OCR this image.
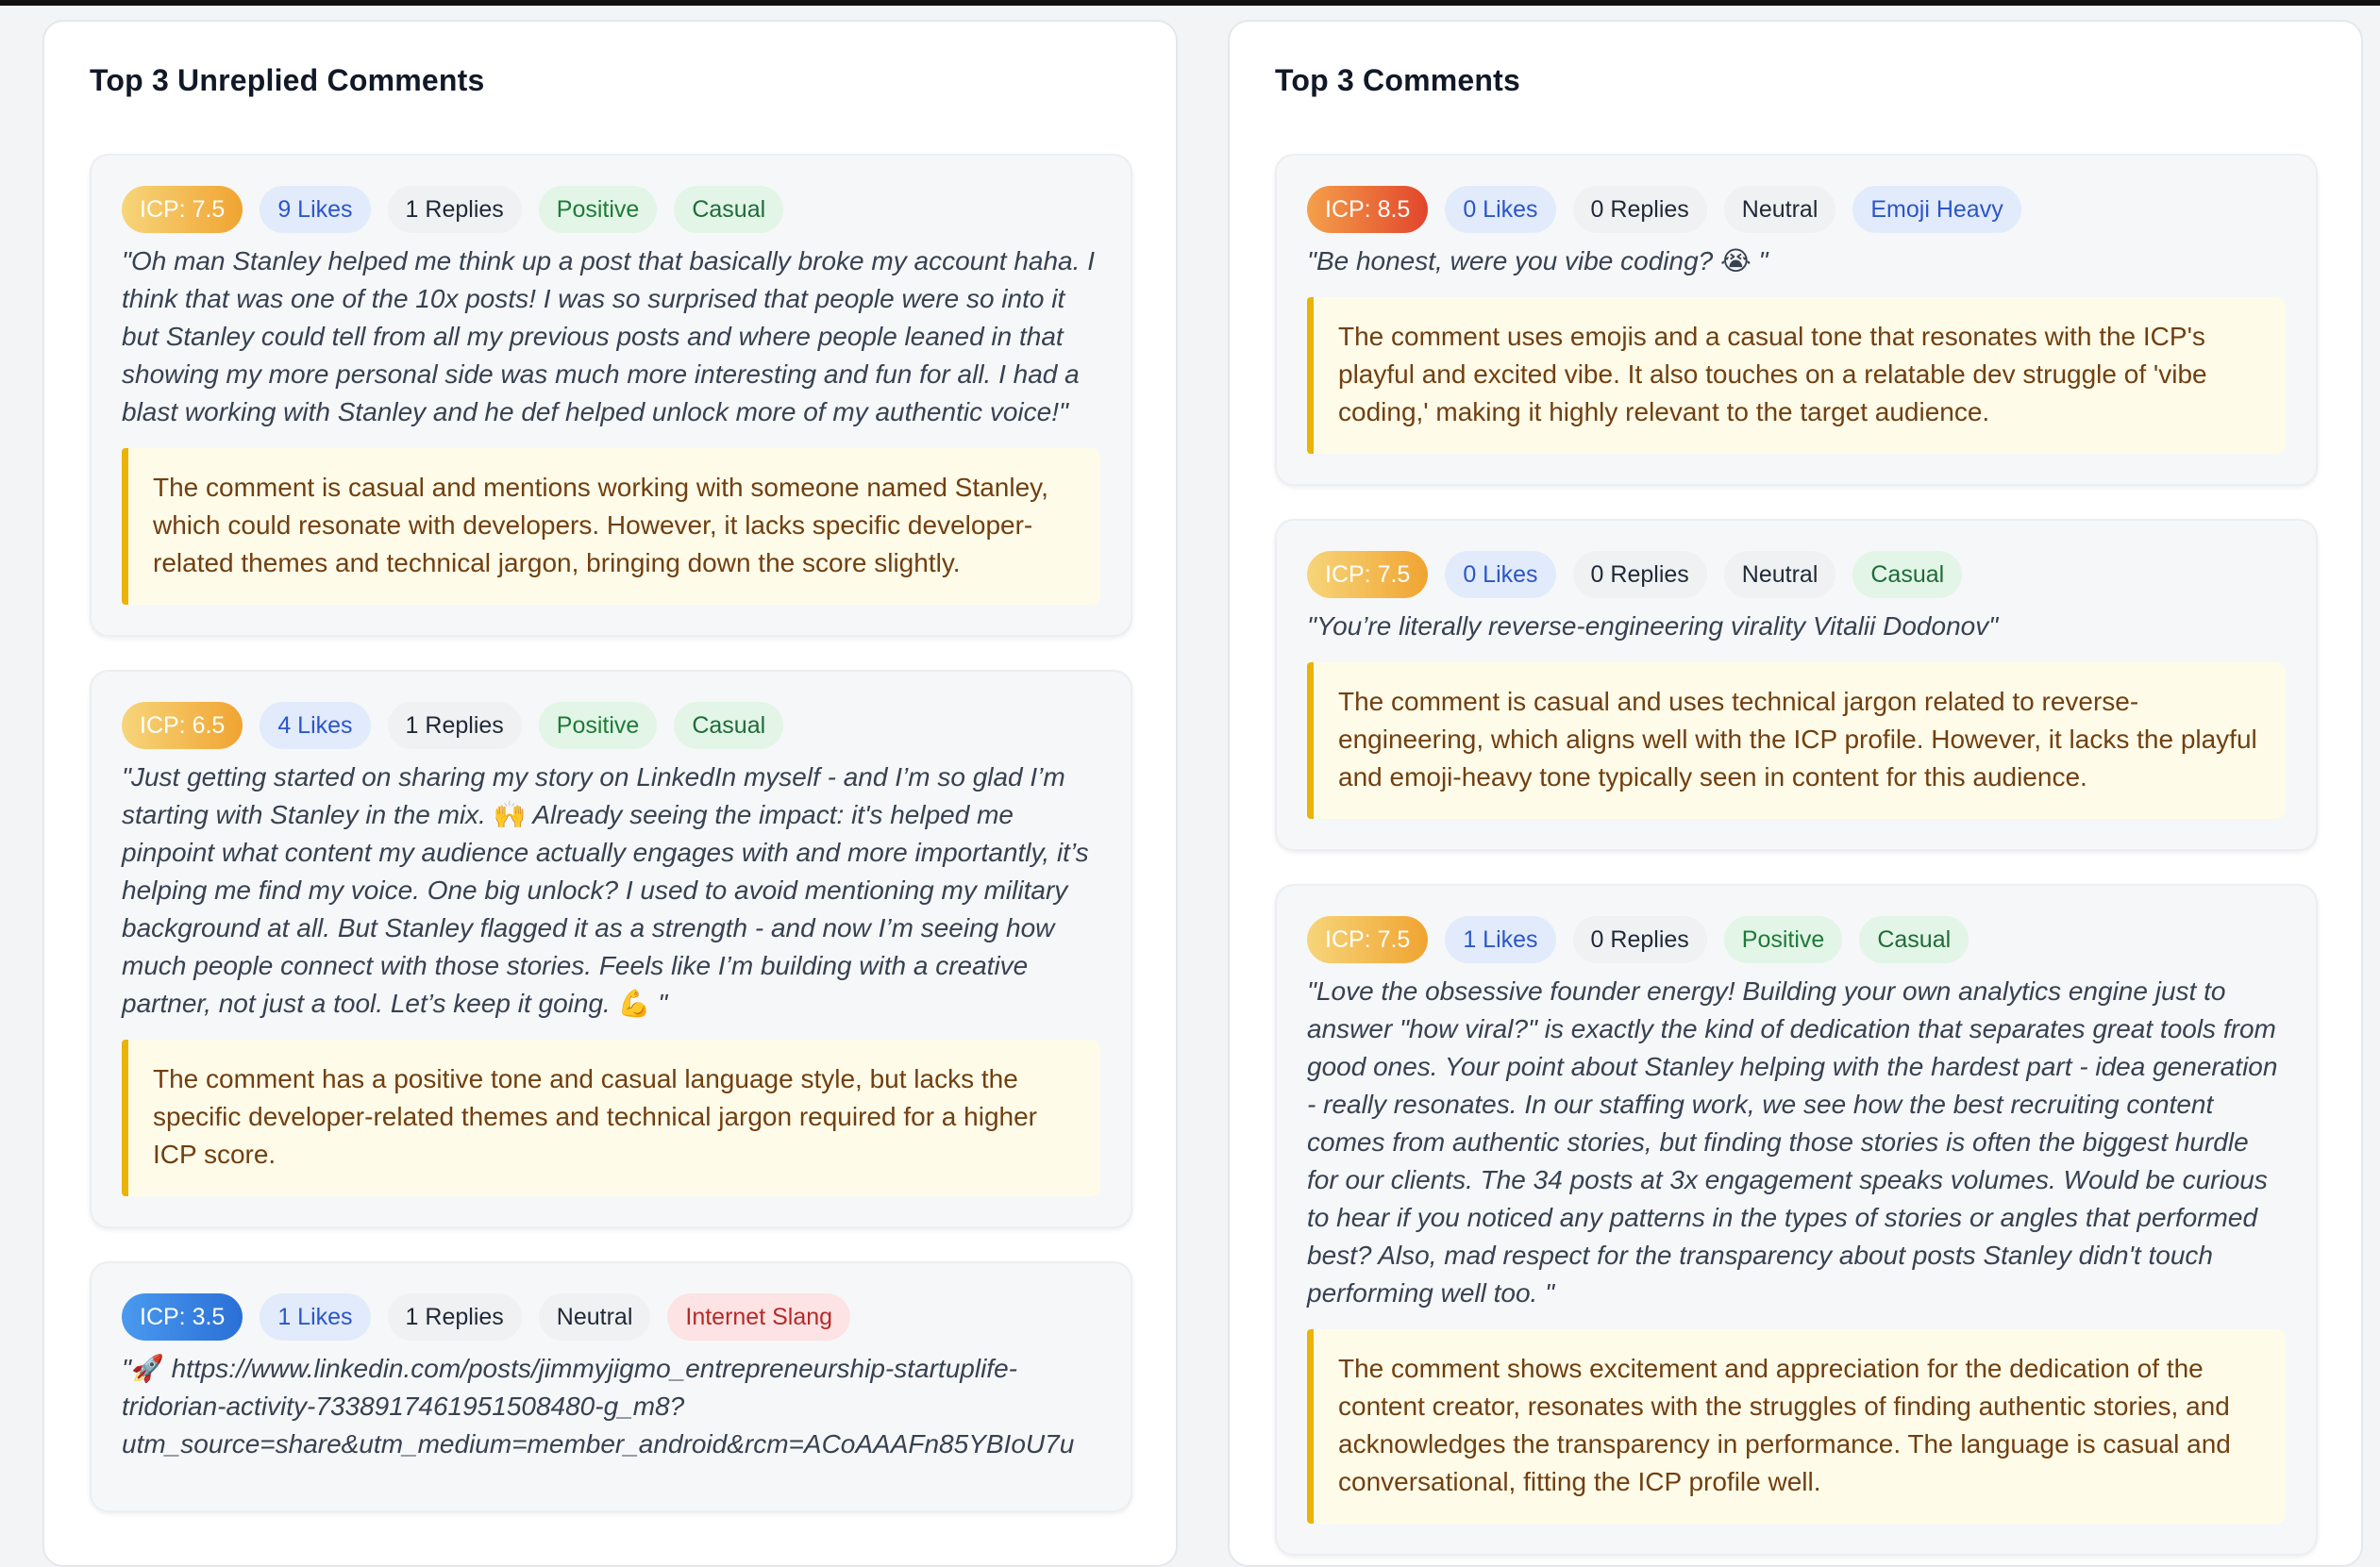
Top 3 Unreplied Comments
ICP: 7.5	9 Likes	1 Replies	Positive	Casual

"Oh man Stanley helped me think up a post that basically broke my account haha. I think that was one of the 10x posts! I was so surprised that people were so into it but Stanley could tell from all my previous posts and where people leaned in that showing my more personal side was much more interesting and fun for all. I had a blast working with Stanley and he def helped unlock more of my authentic voice!"

The comment is casual and mentions working with someone named Stanley, which could resonate with developers. However, it lacks specific developer-related themes and technical jargon, bringing down the score slightly.
ICP: 6.5	4 Likes	1 Replies	Positive	Casual

"Just getting started on sharing my story on LinkedIn myself - and I’m so glad I’m starting with Stanley in the mix. 🙌 Already seeing the impact: it's helped me pinpoint what content my audience actually engages with and more importantly, it’s helping me find my voice. One big unlock? I used to avoid mentioning my military background at all. But Stanley flagged it as a strength - and now I’m seeing how much people connect with those stories. Feels like I’m building with a creative partner, not just a tool. Let’s keep it going. 💪 "

The comment has a positive tone and casual language style, but lacks the specific developer-related themes and technical jargon required for a higher ICP score.
ICP: 3.5	1 Likes	1 Replies	Neutral	Internet Slang

"🚀 https://www.linkedin.com/posts/jimmyjigmo_entrepreneurship-startuplife-tridorian-activity-7338917461951508480-g_m8?utm_source=share&utm_medium=member_android&rcm=ACoAAAFn85YBIoU7u

Top 3 Comments
ICP: 8.5	0 Likes	0 Replies	Neutral	Emoji Heavy

"Be honest, were you vibe coding? 😭 "

The comment uses emojis and a casual tone that resonates with the ICP's playful and excited vibe. It also touches on a relatable dev struggle of 'vibe coding,' making it highly relevant to the target audience.
ICP: 7.5	0 Likes	0 Replies	Neutral	Casual

"You’re literally reverse-engineering virality Vitalii Dodonov"

The comment is casual and uses technical jargon related to reverse-engineering, which aligns well with the ICP profile. However, it lacks the playful and emoji-heavy tone typically seen in content for this audience.
ICP: 7.5	1 Likes	0 Replies	Positive	Casual

"Love the obsessive founder energy! Building your own analytics engine just to answer "how viral?" is exactly the kind of dedication that separates great tools from good ones. Your point about Stanley helping with the hardest part - idea generation - really resonates. In our staffing work, we see how the best recruiting content comes from authentic stories, but finding those stories is often the biggest hurdle for our clients. The 34 posts at 3x engagement speaks volumes. Would be curious to hear if you noticed any patterns in the types of stories or angles that performed best? Also, mad respect for the transparency about posts Stanley didn't touch performing well too. "

The comment shows excitement and appreciation for the dedication of the content creator, resonates with the struggles of finding authentic stories, and acknowledges the transparency in performance. The language is casual and conversational, fitting the ICP profile well.
